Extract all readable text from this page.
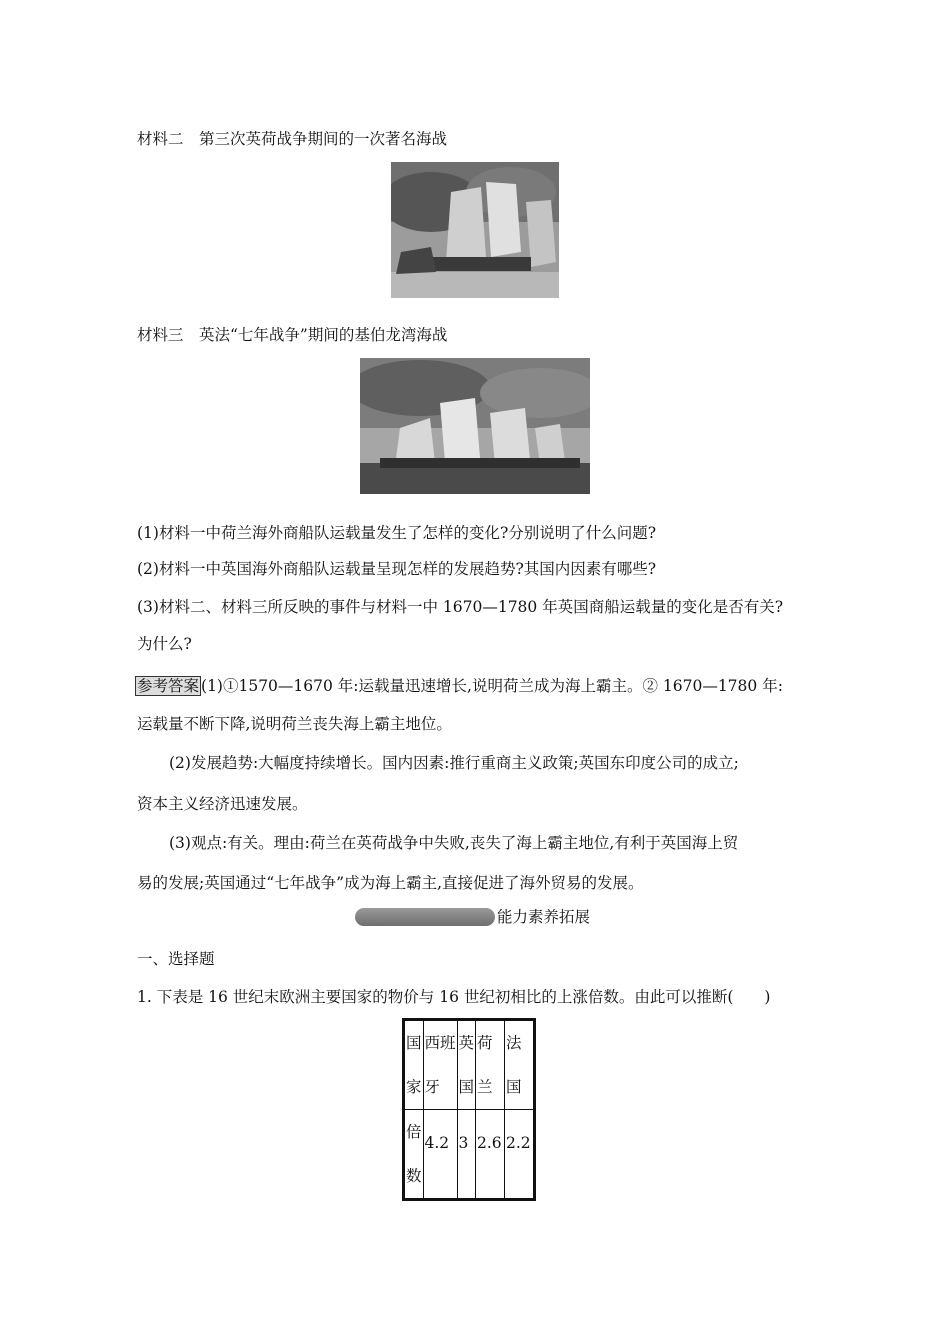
材料二　第三次英荷战争期间的一次著名海战
材料三　英法“七年战争”期间的基伯龙湾海战
(1)材料一中荷兰海外商船队运载量发生了怎样的变化?分别说明了什么问题?
(2)材料一中英国海外商船队运载量呈现怎样的发展趋势?其国内因素有哪些?
(3)材料二、材料三所反映的事件与材料一中 1670—1780 年英国商船运载量的变化是否有关?
为什么?
参考答案 (1)①1570—1670 年:运载量迅速增长,说明荷兰成为海上霸主。② 1670—1780 年:
运载量不断下降,说明荷兰丧失海上霸主地位。
(2)发展趋势:大幅度持续增长。国内因素:推行重商主义政策;英国东印度公司的成立;
资本主义经济迅速发展。
(3)观点:有关。理由:荷兰在英荷战争中失败,丧失了海上霸主地位,有利于英国海上贸
易的发展;英国通过“七年战争”成为海上霸主,直接促进了海外贸易的发展。
能力素养拓展
一、选择题
1. 下表是 16 世纪末欧洲主要国家的物价与 16 世纪初相比的上涨倍数。由此可以推断(　　)
国家	西班牙	英国	荷兰	法国

倍数	4.2	3	2.6	2.2
